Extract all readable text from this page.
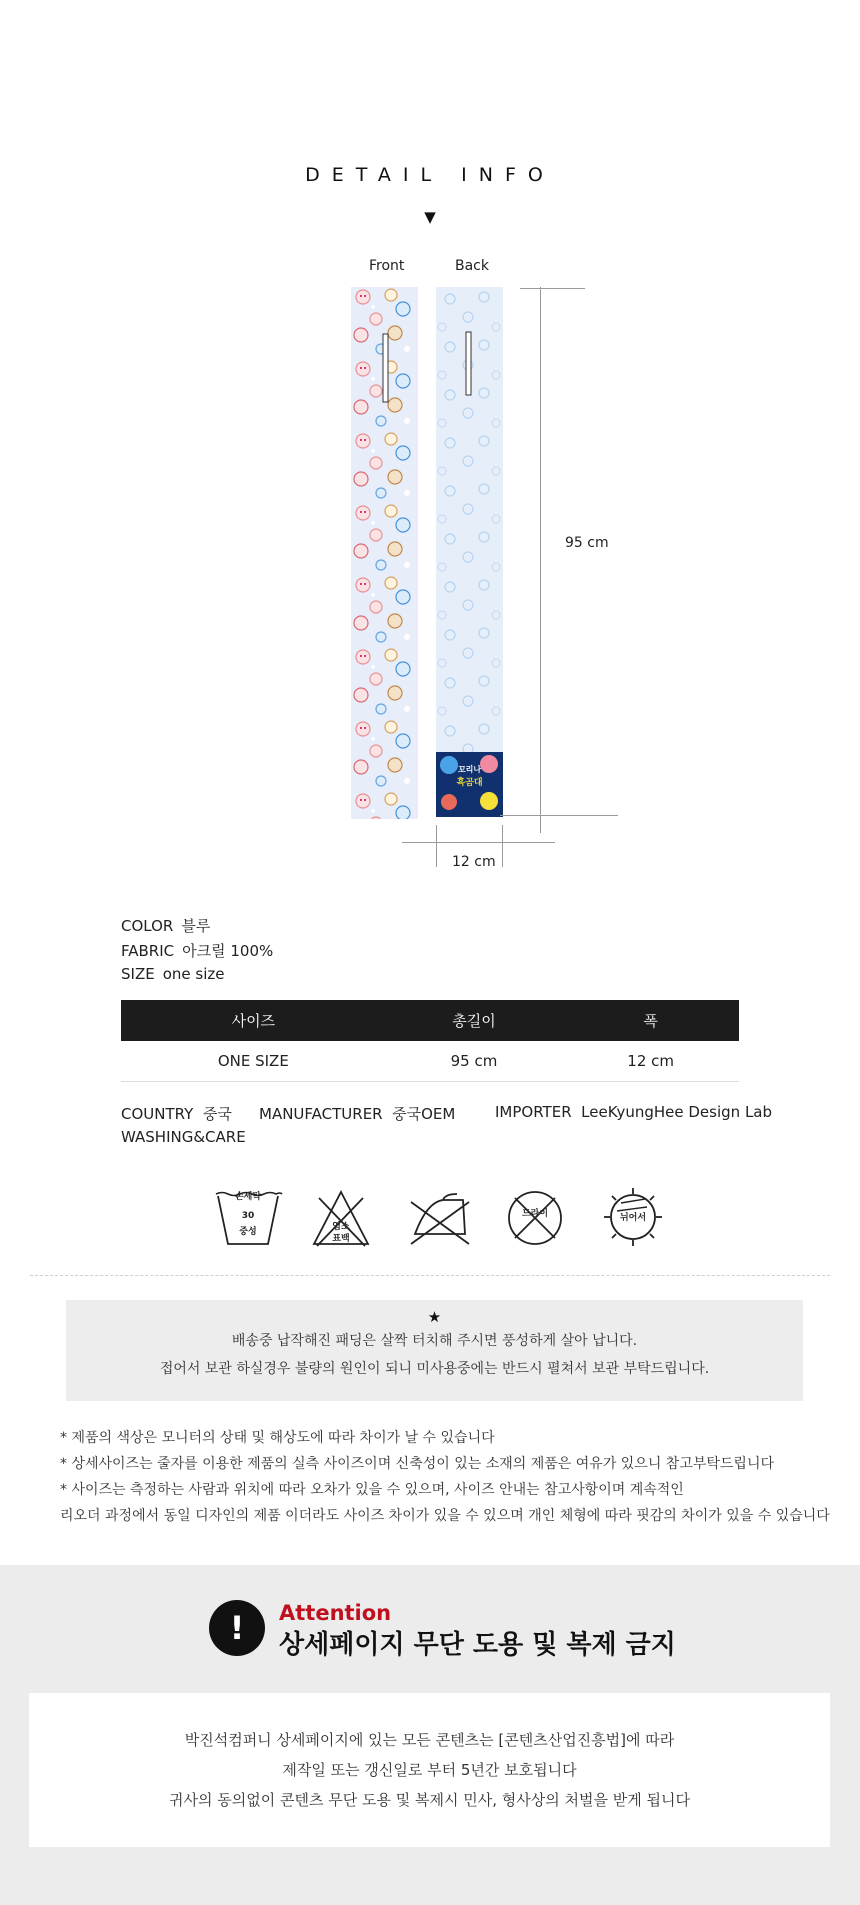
DETAIL INFO
▼
Front	Back
꼬리나
흑곰대
95 cm
12 cm
COLOR 블루
FABRIC 아크릴 100%
SIZE one size
사이즈	총길이	폭
ONE SIZE	95 cm	12 cm
COUNTRY 중국 MANUFACTURER 중국OEM	IMPORTER LeeKyungHee Design Lab
WASHING&CARE
손세탁
30
중성	염소
표백
드라이	뉘어서
★
배송중 납작해진 패딩은 살짝 터치해 주시면 풍성하게 살아 납니다.
접어서 보관 하실경우 불량의 원인이 되니 미사용중에는 반드시 펼쳐서 보관 부탁드립니다.
* 제품의 색상은 모니터의 상태 및 해상도에 따라 차이가 날 수 있습니다
* 상세사이즈는 줄자를 이용한 제품의 실측 사이즈이며 신축성이 있는 소재의 제품은 여유가 있으니 참고부탁드립니다
* 사이즈는 측정하는 사람과 위치에 따라 오차가 있을 수 있으며, 사이즈 안내는 참고사항이며 계속적인
리오더 과정에서 동일 디자인의 제품 이더라도 사이즈 차이가 있을 수 있으며 개인 체형에 따라 핏감의 차이가 있을 수 있습니다
!	Attention
상세페이지 무단 도용 및 복제 금지
박진석컴퍼니 상세페이지에 있는 모든 콘텐츠는 [콘텐츠산업진흥법]에 따라
제작일 또는 갱신일로 부터 5년간 보호됩니다
귀사의 동의없이 콘텐츠 무단 도용 및 복제시 민사, 형사상의 처벌을 받게 됩니다
